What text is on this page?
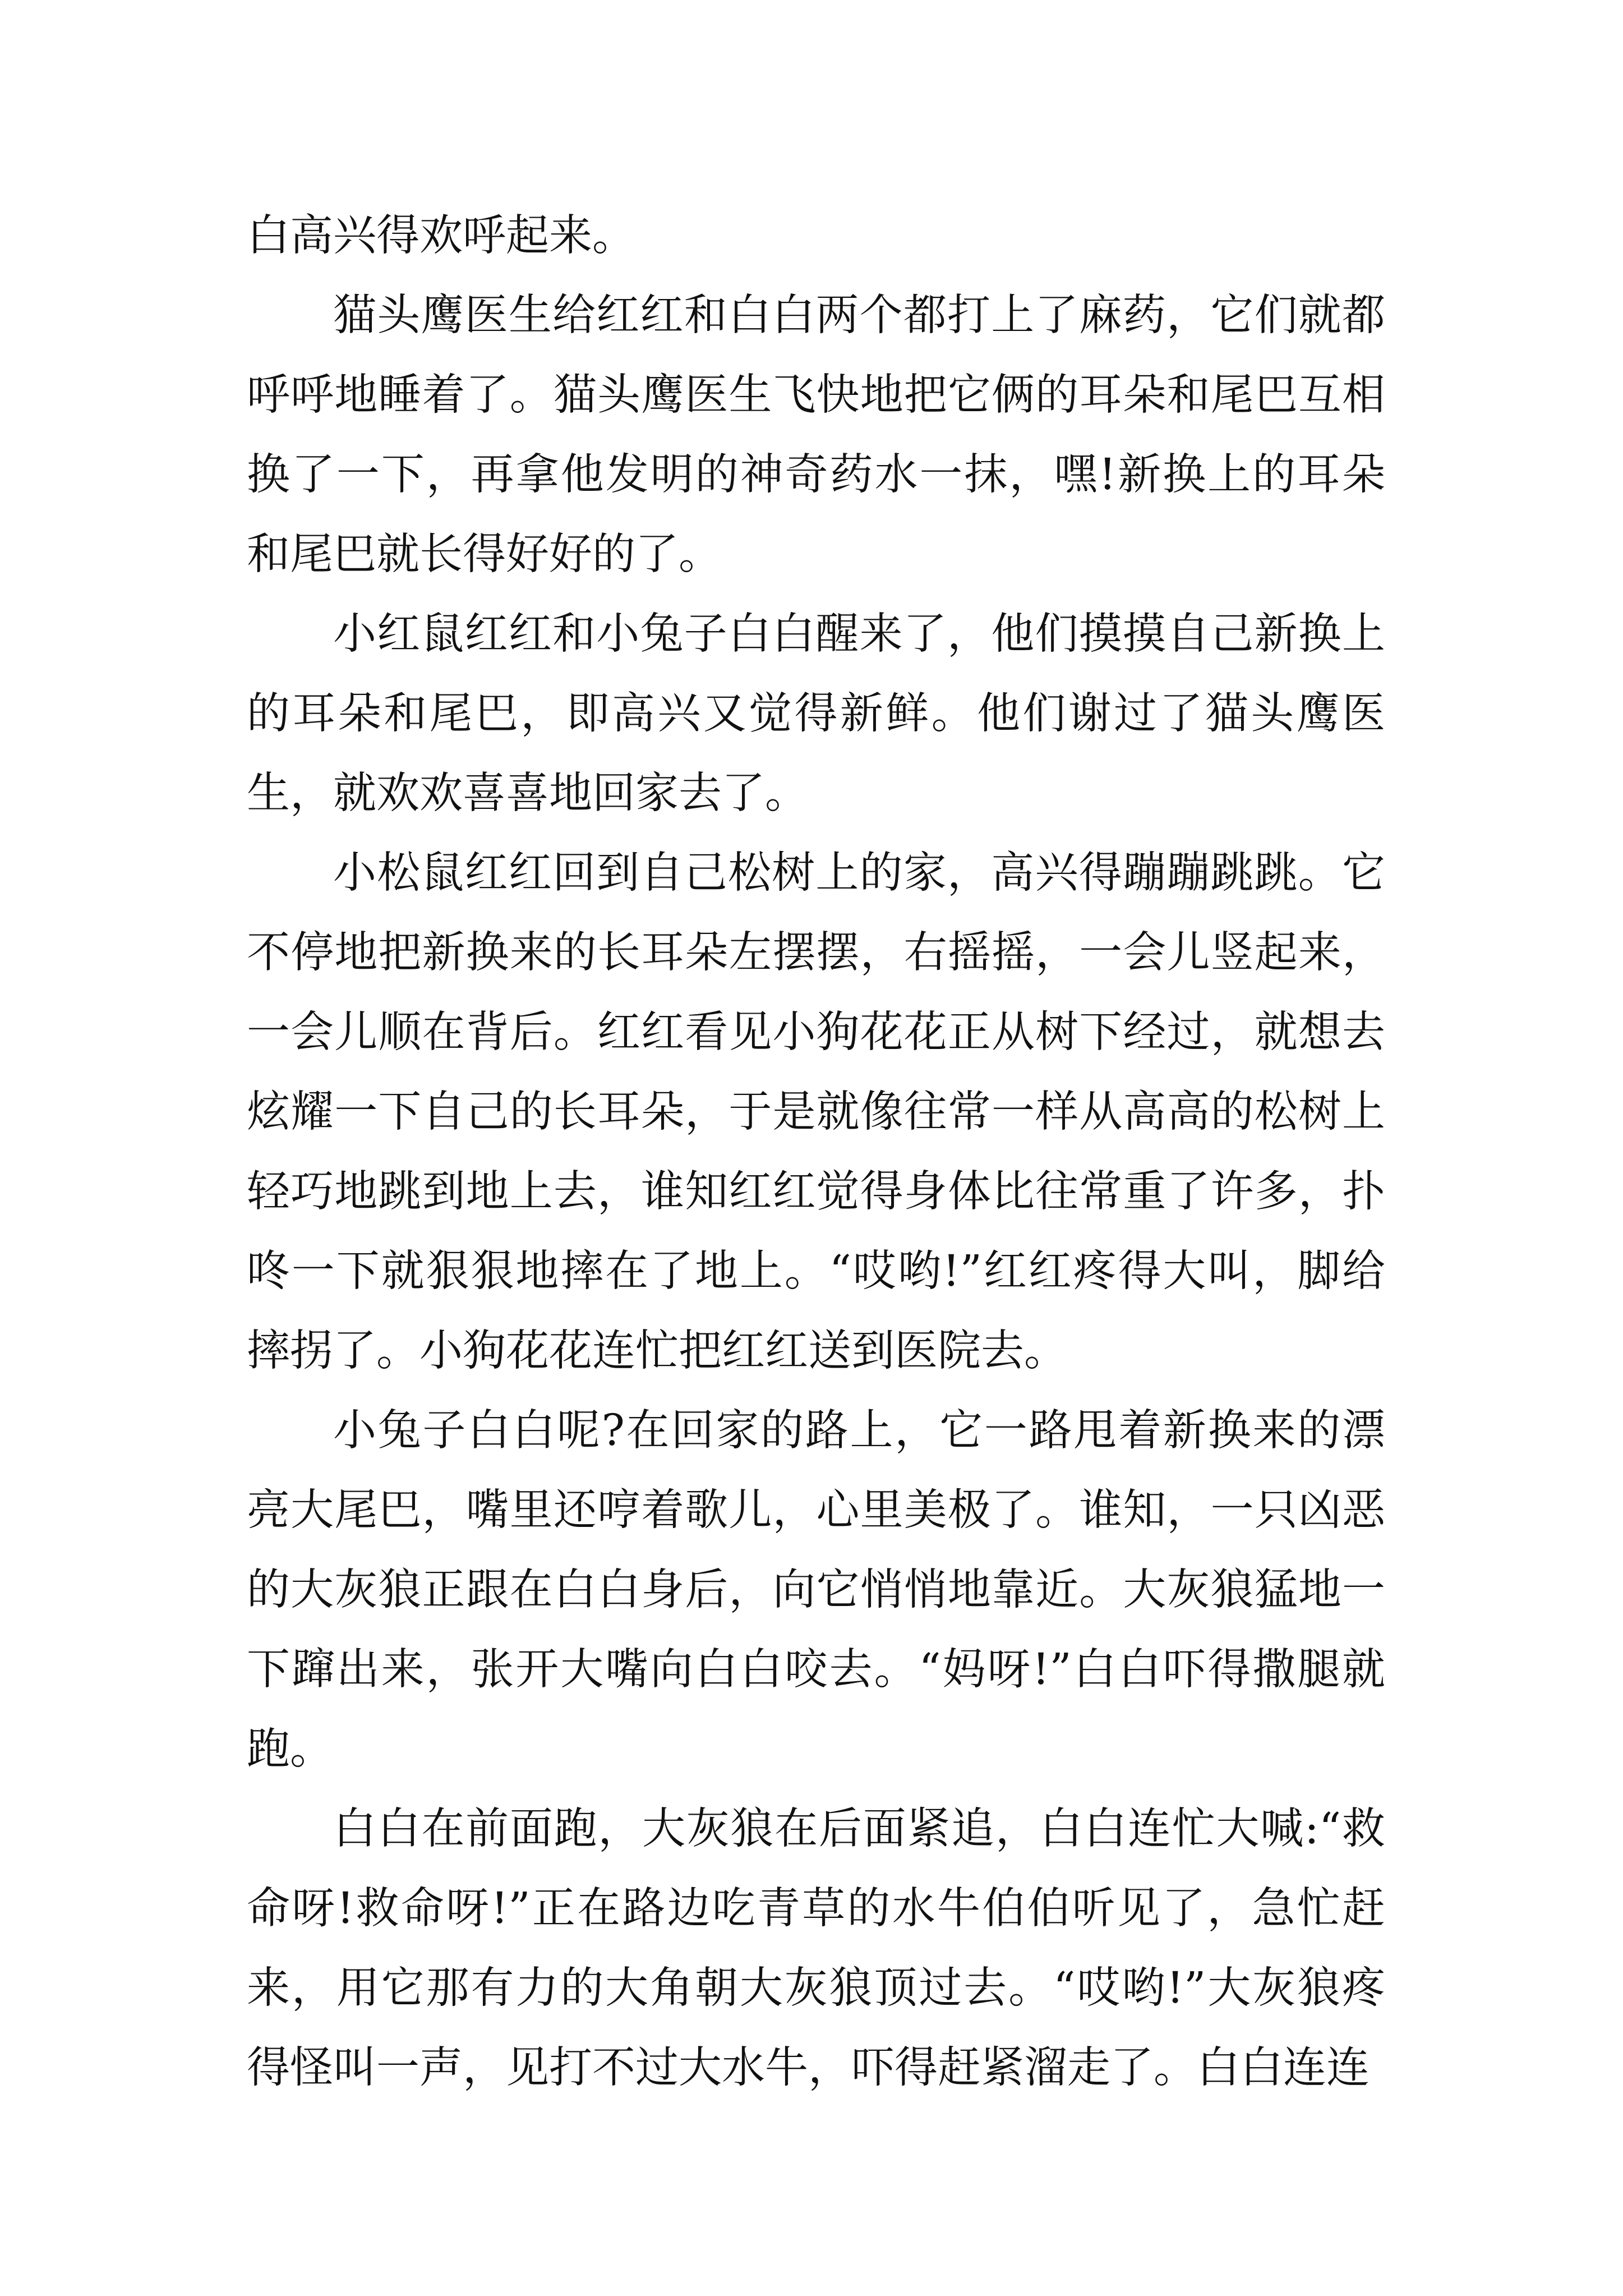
白高兴得欢呼起来。

猫头鹰医生给红红和白白两个都打上了麻药，它们就都呼呼地睡着了。猫头鹰医生飞快地把它俩的耳朵和尾巴互相换了一下，再拿他发明的神奇药水一抹，嘿!新换上的耳朵和尾巴就长得好好的了。

小红鼠红红和小兔子白白醒来了，他们摸摸自己新换上的耳朵和尾巴，即高兴又觉得新鲜。他们谢过了猫头鹰医生，就欢欢喜喜地回家去了。

小松鼠红红回到自己松树上的家，高兴得蹦蹦跳跳。它不停地把新换来的长耳朵左摆摆，右摇摇，一会儿竖起来，一会儿顺在背后。红红看见小狗花花正从树下经过，就想去炫耀一下自己的长耳朵，于是就像往常一样从高高的松树上轻巧地跳到地上去，谁知红红觉得身体比往常重了许多，扑咚一下就狠狠地摔在了地上。“哎哟!”红红疼得大叫，脚给摔拐了。小狗花花连忙把红红送到医院去。

小兔子白白呢?在回家的路上，它一路甩着新换来的漂亮大尾巴，嘴里还哼着歌儿，心里美极了。谁知，一只凶恶的大灰狼正跟在白白身后，向它悄悄地靠近。大灰狼猛地一下蹿出来，张开大嘴向白白咬去。“妈呀!”白白吓得撒腿就跑。

白白在前面跑，大灰狼在后面紧追，白白连忙大喊:“救命呀!救命呀!”正在路边吃青草的水牛伯伯听见了，急忙赶来，用它那有力的大角朝大灰狼顶过去。“哎哟!”大灰狼疼得怪叫一声，见打不过大水牛，吓得赶紧溜走了。白白连连
